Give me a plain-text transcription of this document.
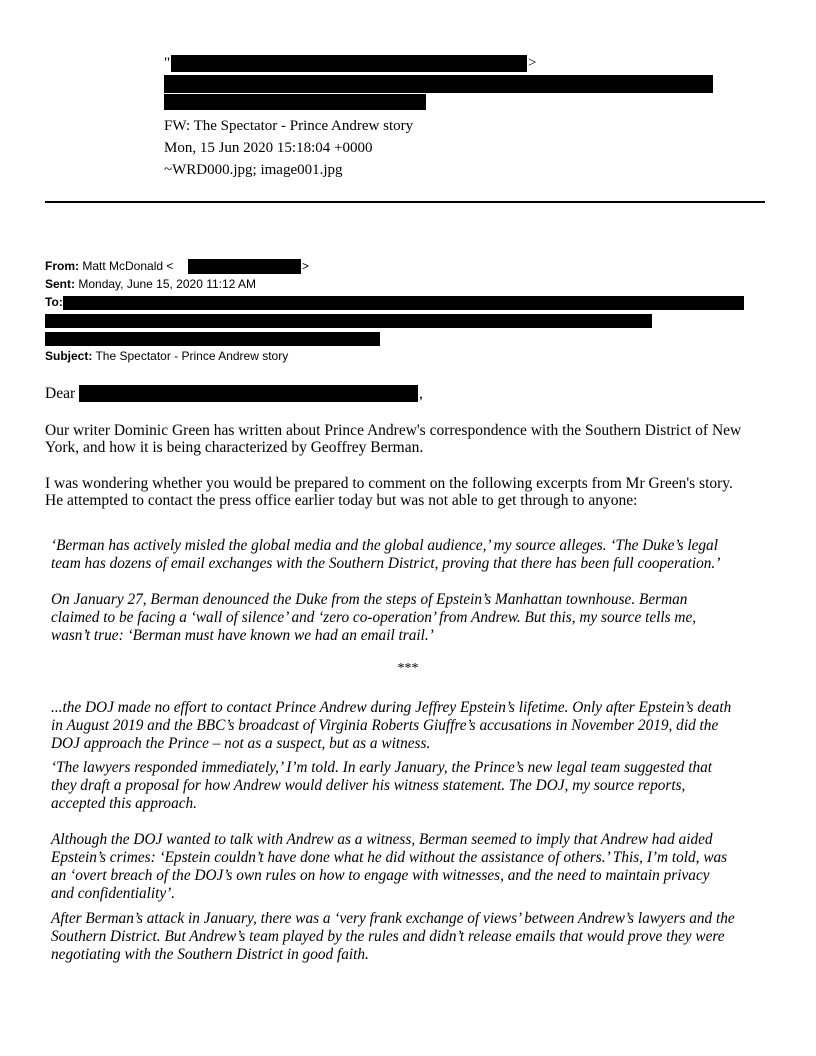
"	>
FW: The Spectator - Prince Andrew story
Mon, 15 Jun 2020 15:18:04 +0000
~WRD000.jpg; image001.jpg
From: Matt McDonald <	>
Sent: Monday, June 15, 2020 11:12 AM
To:
Subject: The Spectator - Prince Andrew story
Dear	,
Our writer Dominic Green has written about Prince Andrew's correspondence with the Southern District of New
York, and how it is being characterized by Geoffrey Berman.
I was wondering whether you would be prepared to comment on the following excerpts from Mr Green's story.
He attempted to contact the press office earlier today but was not able to get through to anyone:
‘Berman has actively misled the global media and the global audience,’ my source alleges. ‘The Duke’s legal
team has dozens of email exchanges with the Southern District, proving that there has been full cooperation.’
On January 27, Berman denounced the Duke from the steps of Epstein’s Manhattan townhouse. Berman
claimed to be facing a ‘wall of silence’ and ‘zero co-operation’ from Andrew. But this, my source tells me,
wasn’t true: ‘Berman must have known we had an email trail.’
***
...the DOJ made no effort to contact Prince Andrew during Jeffrey Epstein’s lifetime. Only after Epstein’s death
in August 2019 and the BBC’s broadcast of Virginia Roberts Giuffre’s accusations in November 2019, did the
DOJ approach the Prince – not as a suspect, but as a witness.
‘The lawyers responded immediately,’ I’m told. In early January, the Prince’s new legal team suggested that
they draft a proposal for how Andrew would deliver his witness statement. The DOJ, my source reports,
accepted this approach.
Although the DOJ wanted to talk with Andrew as a witness, Berman seemed to imply that Andrew had aided
Epstein’s crimes: ‘Epstein couldn’t have done what he did without the assistance of others.’ This, I’m told, was
an ‘overt breach of the DOJ’s own rules on how to engage with witnesses, and the need to maintain privacy
and confidentiality’.
After Berman’s attack in January, there was a ‘very frank exchange of views’ between Andrew’s lawyers and the
Southern District. But Andrew’s team played by the rules and didn’t release emails that would prove they were
negotiating with the Southern District in good faith.
